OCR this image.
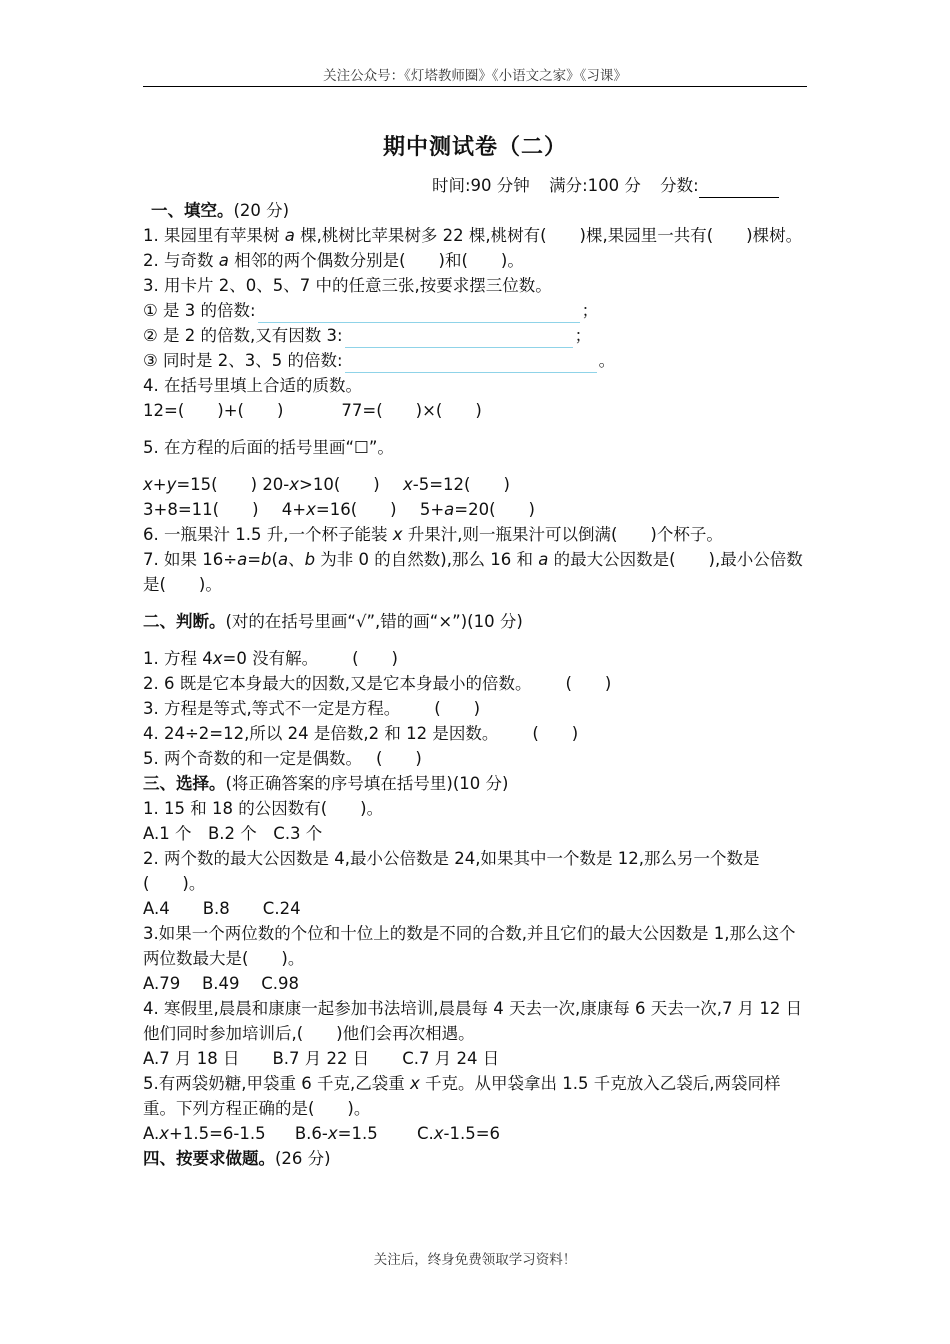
关注公众号：《灯塔教师圈》《小语文之家》《习课》
期中测试卷（二）
时间:90 分钟 满分:100 分 分数:
一、填空。(20 分)
1. 果园里有苹果树 a 棵,桃树比苹果树多 22 棵,桃树有(　　)棵,果园里一共有(　　)棵树。
2. 与奇数 a 相邻的两个偶数分别是(　　)和(　　)。
3. 用卡片 2、0、5、7 中的任意三张,按要求摆三位数。
① 是 3 的倍数:	；
② 是 2 的倍数,又有因数 3:	；
③ 同时是 2、3、5 的倍数:	。
4. 在括号里填上合适的质数。
12=(　　)+(　　)	77=(　　)×(　　)
5. 在方程的后面的括号里画“☐”。
x+y=15(　　) 20-x>10(　　) x-5=12(　　)
3+8=11(　　) 4+x=16(　　) 5+a=20(　　)
6. 一瓶果汁 1.5 升,一个杯子能装 x 升果汁,则一瓶果汁可以倒满(　　)个杯子。
7. 如果 16÷a=b(a、b 为非 0 的自然数),那么 16 和 a 的最大公因数是(　　),最小公倍数是(　　)。
二、判断。(对的在括号里画“√”,错的画“×”)(10 分)
1. 方程 4x=0 没有解。 (　　)
2. 6 既是它本身最大的因数,又是它本身最小的倍数。 (　　)
3. 方程是等式,等式不一定是方程。 (　　)
4. 24÷2=12,所以 24 是倍数,2 和 12 是因数。 (　　)
5. 两个奇数的和一定是偶数。 (　　)
三、选择。(将正确答案的序号填在括号里)(10 分)
1. 15 和 18 的公因数有(　　)。
A.1 个　B.2 个　C.3 个
2. 两个数的最大公因数是 4,最小公倍数是 24,如果其中一个数是 12,那么另一个数是(　　)。
A.4　　B.8　　C.24
3.如果一个两位数的个位和十位上的数是不同的合数,并且它们的最大公因数是 1,那么这个两位数最大是(　　)。
A.79　 B.49　 C.98
4. 寒假里,晨晨和康康一起参加书法培训,晨晨每 4 天去一次,康康每 6 天去一次,7 月 12 日他们同时参加培训后,(　　)他们会再次相遇。
A.7 月 18 日　　B.7 月 22 日　　C.7 月 24 日
5.有两袋奶糖,甲袋重 6 千克,乙袋重 x 千克。从甲袋拿出 1.5 千克放入乙袋后,两袋同样重。下列方程正确的是(　　)。
A.x+1.5=6-1.5 B.6-x=1.5 C.x-1.5=6
四、按要求做题。(26 分)
关注后，终身免费领取学习资料！
